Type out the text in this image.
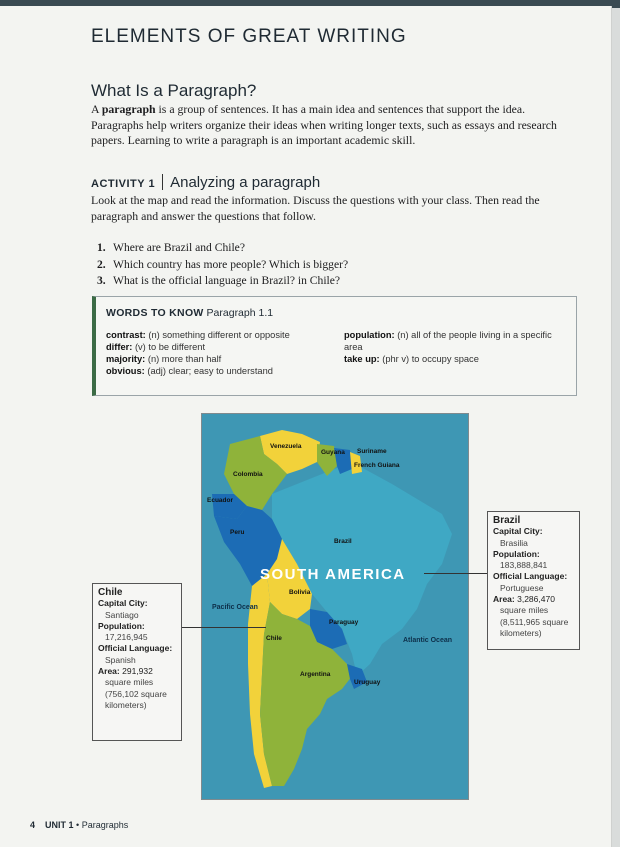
ELEMENTS OF GREAT WRITING
What Is a Paragraph?

A paragraph is a group of sentences. It has a main idea and sentences that support the idea. Paragraphs help writers organize their ideas when writing longer texts, such as essays and research papers. Learning to write a paragraph is an important academic skill.

ACTIVITY 1 Analyzing a paragraph

Look at the map and read the information. Discuss the questions with your class. Then read the paragraph and answer the questions that follow.

1. Where are Brazil and Chile?
2. Which country has more people? Which is bigger?
3. What is the official language in Brazil? in Chile?
WORDS TO KNOW Paragraph 1.1
contrast: (n) something different or opposite
differ: (v) to be different
majority: (n) more than half
obvious: (adj) clear; easy to understand
population: (n) all of the people living in a specific area
take up: (phr v) to occupy space
Venezuela
Guyana Suriname
French Guiana
Colombia
Ecuador
Peru
Brazil
SOUTH AMERICA
Bolivia
Paraguay
Chile
Argentina
Uruguay
Pacific Ocean
Atlantic Ocean
Chile
Capital City:
Santiago
Population:
17,216,945
Official Language:
Spanish
Area: 291,932
square miles
(756,102 square
kilometers)
Brazil
Capital City:
Brasilia
Population:
183,888,841
Official Language:
Portuguese
Area: 3,286,470
square miles
(8,511,965 square
kilometers)
4 UNIT 1 • Paragraphs
